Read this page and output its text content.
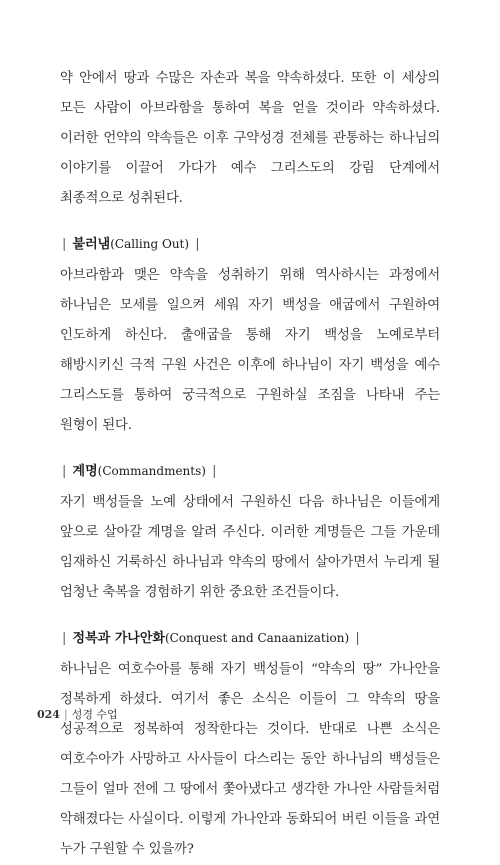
약 안에서 땅과 수많은 자손과 복을 약속하셨다. 또한 이 세상의 모든 사람이 아브라함을 통하여 복을 얻을 것이라 약속하셨다. 이러한 언약의 약속들은 이후 구약성경 전체를 관통하는 하나님의 이야기를 이끌어 가다가 예수 그리스도의 강림 단계에서 최종적으로 성취된다.

| 불러냄(Calling Out) |

아브라함과 맺은 약속을 성취하기 위해 역사하시는 과정에서 하나님은 모세를 일으켜 세워 자기 백성을 애굽에서 구원하여 인도하게 하신다. 출애굽을 통해 자기 백성을 노예로부터 해방시키신 극적 구원 사건은 이후에 하나님이 자기 백성을 예수 그리스도를 통하여 궁극적으로 구원하실 조짐을 나타내 주는 원형이 된다.

| 계명(Commandments) |

자기 백성들을 노예 상태에서 구원하신 다음 하나님은 이들에게 앞으로 살아갈 계명을 알려 주신다. 이러한 계명들은 그들 가운데 임재하신 거룩하신 하나님과 약속의 땅에서 살아가면서 누리게 될 엄청난 축복을 경험하기 위한 중요한 조건들이다.

| 정복과 가나안화(Conquest and Canaanization) |

하나님은 여호수아를 통해 자기 백성들이 “약속의 땅” 가나안을 정복하게 하셨다. 여기서 좋은 소식은 이들이 그 약속의 땅을 성공적으로 정복하여 정착한다는 것이다. 반대로 나쁜 소식은 여호수아가 사망하고 사사들이 다스리는 동안 하나님의 백성들은 그들이 얼마 전에 그 땅에서 쫓아냈다고 생각한 가나안 사람들처럼 악해졌다는 사실이다. 이렇게 가나안과 동화되어 버린 이들을 과연 누가 구원할 수 있을까?

024 | 성경 수업
